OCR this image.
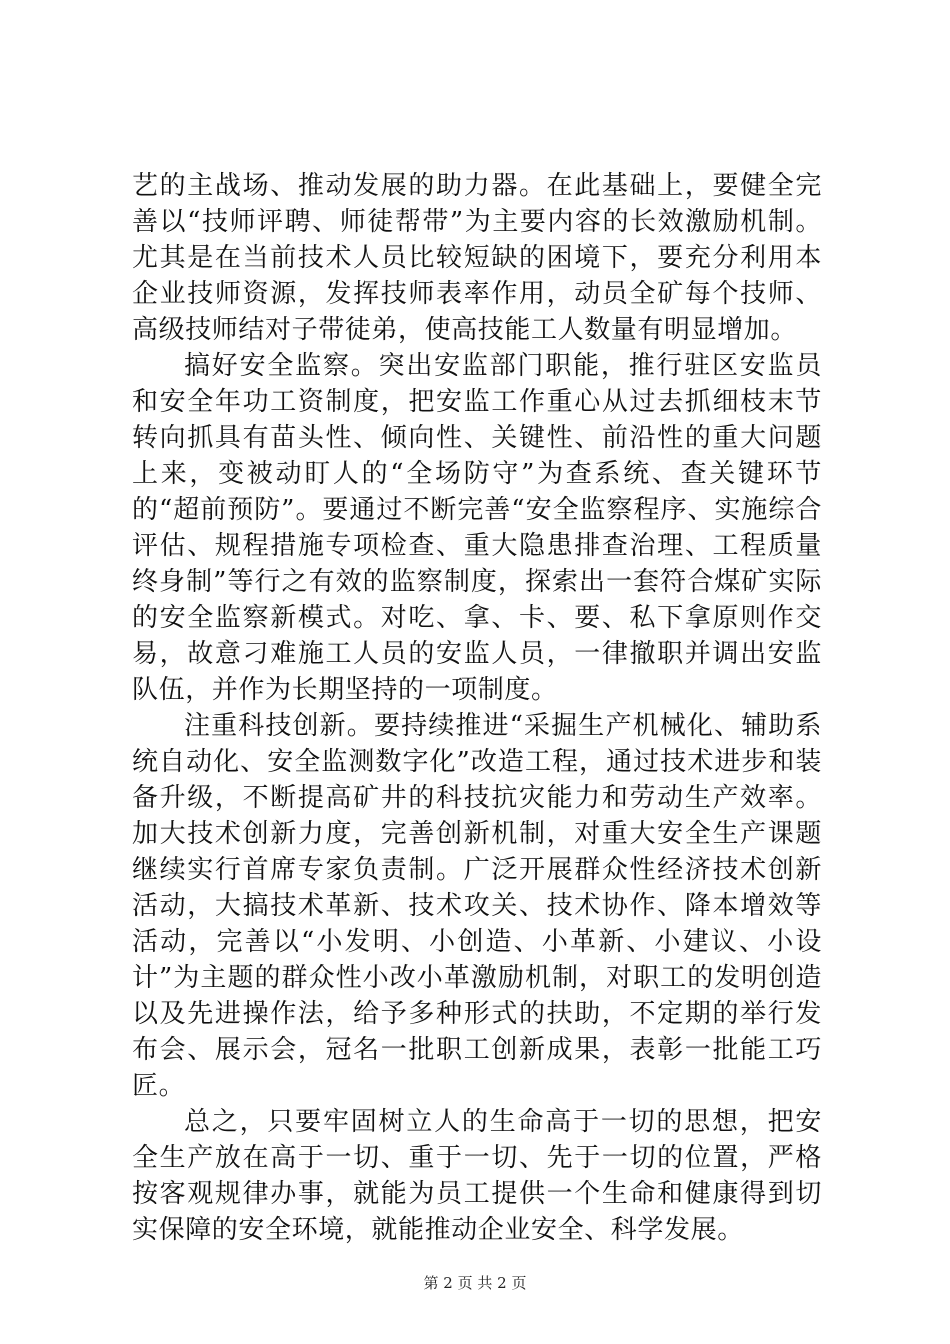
艺的主战场、推动发展的助力器。在此基础上，要健全完善以“技师评聘、师徒帮带”为主要内容的长效激励机制。尤其是在当前技术人员比较短缺的困境下，要充分利用本企业技师资源，发挥技师表率作用，动员全矿每个技师、高级技师结对子带徒弟，使高技能工人数量有明显增加。

搞好安全监察。突出安监部门职能，推行驻区安监员和安全年功工资制度，把安监工作重心从过去抓细枝末节转向抓具有苗头性、倾向性、关键性、前沿性的重大问题上来，变被动盯人的“全场防守”为查系统、查关键环节的“超前预防”。要通过不断完善“安全监察程序、实施综合评估、规程措施专项检查、重大隐患排查治理、工程质量终身制”等行之有效的监察制度，探索出一套符合煤矿实际的安全监察新模式。对吃、拿、卡、要、私下拿原则作交易，故意刁难施工人员的安监人员，一律撤职并调出安监队伍，并作为长期坚持的一项制度。

注重科技创新。要持续推进“采掘生产机械化、辅助系统自动化、安全监测数字化”改造工程，通过技术进步和装备升级，不断提高矿井的科技抗灾能力和劳动生产效率。加大技术创新力度，完善创新机制，对重大安全生产课题继续实行首席专家负责制。广泛开展群众性经济技术创新活动，大搞技术革新、技术攻关、技术协作、降本增效等活动，完善以“小发明、小创造、小革新、小建议、小设计”为主题的群众性小改小革激励机制，对职工的发明创造以及先进操作法，给予多种形式的扶助，不定期的举行发布会、展示会，冠名一批职工创新成果，表彰一批能工巧匠。

总之，只要牢固树立人的生命高于一切的思想，把安全生产放在高于一切、重于一切、先于一切的位置，严格按客观规律办事，就能为员工提供一个生命和健康得到切实保障的安全环境，就能推动企业安全、科学发展。

第 2 页 共 2 页
